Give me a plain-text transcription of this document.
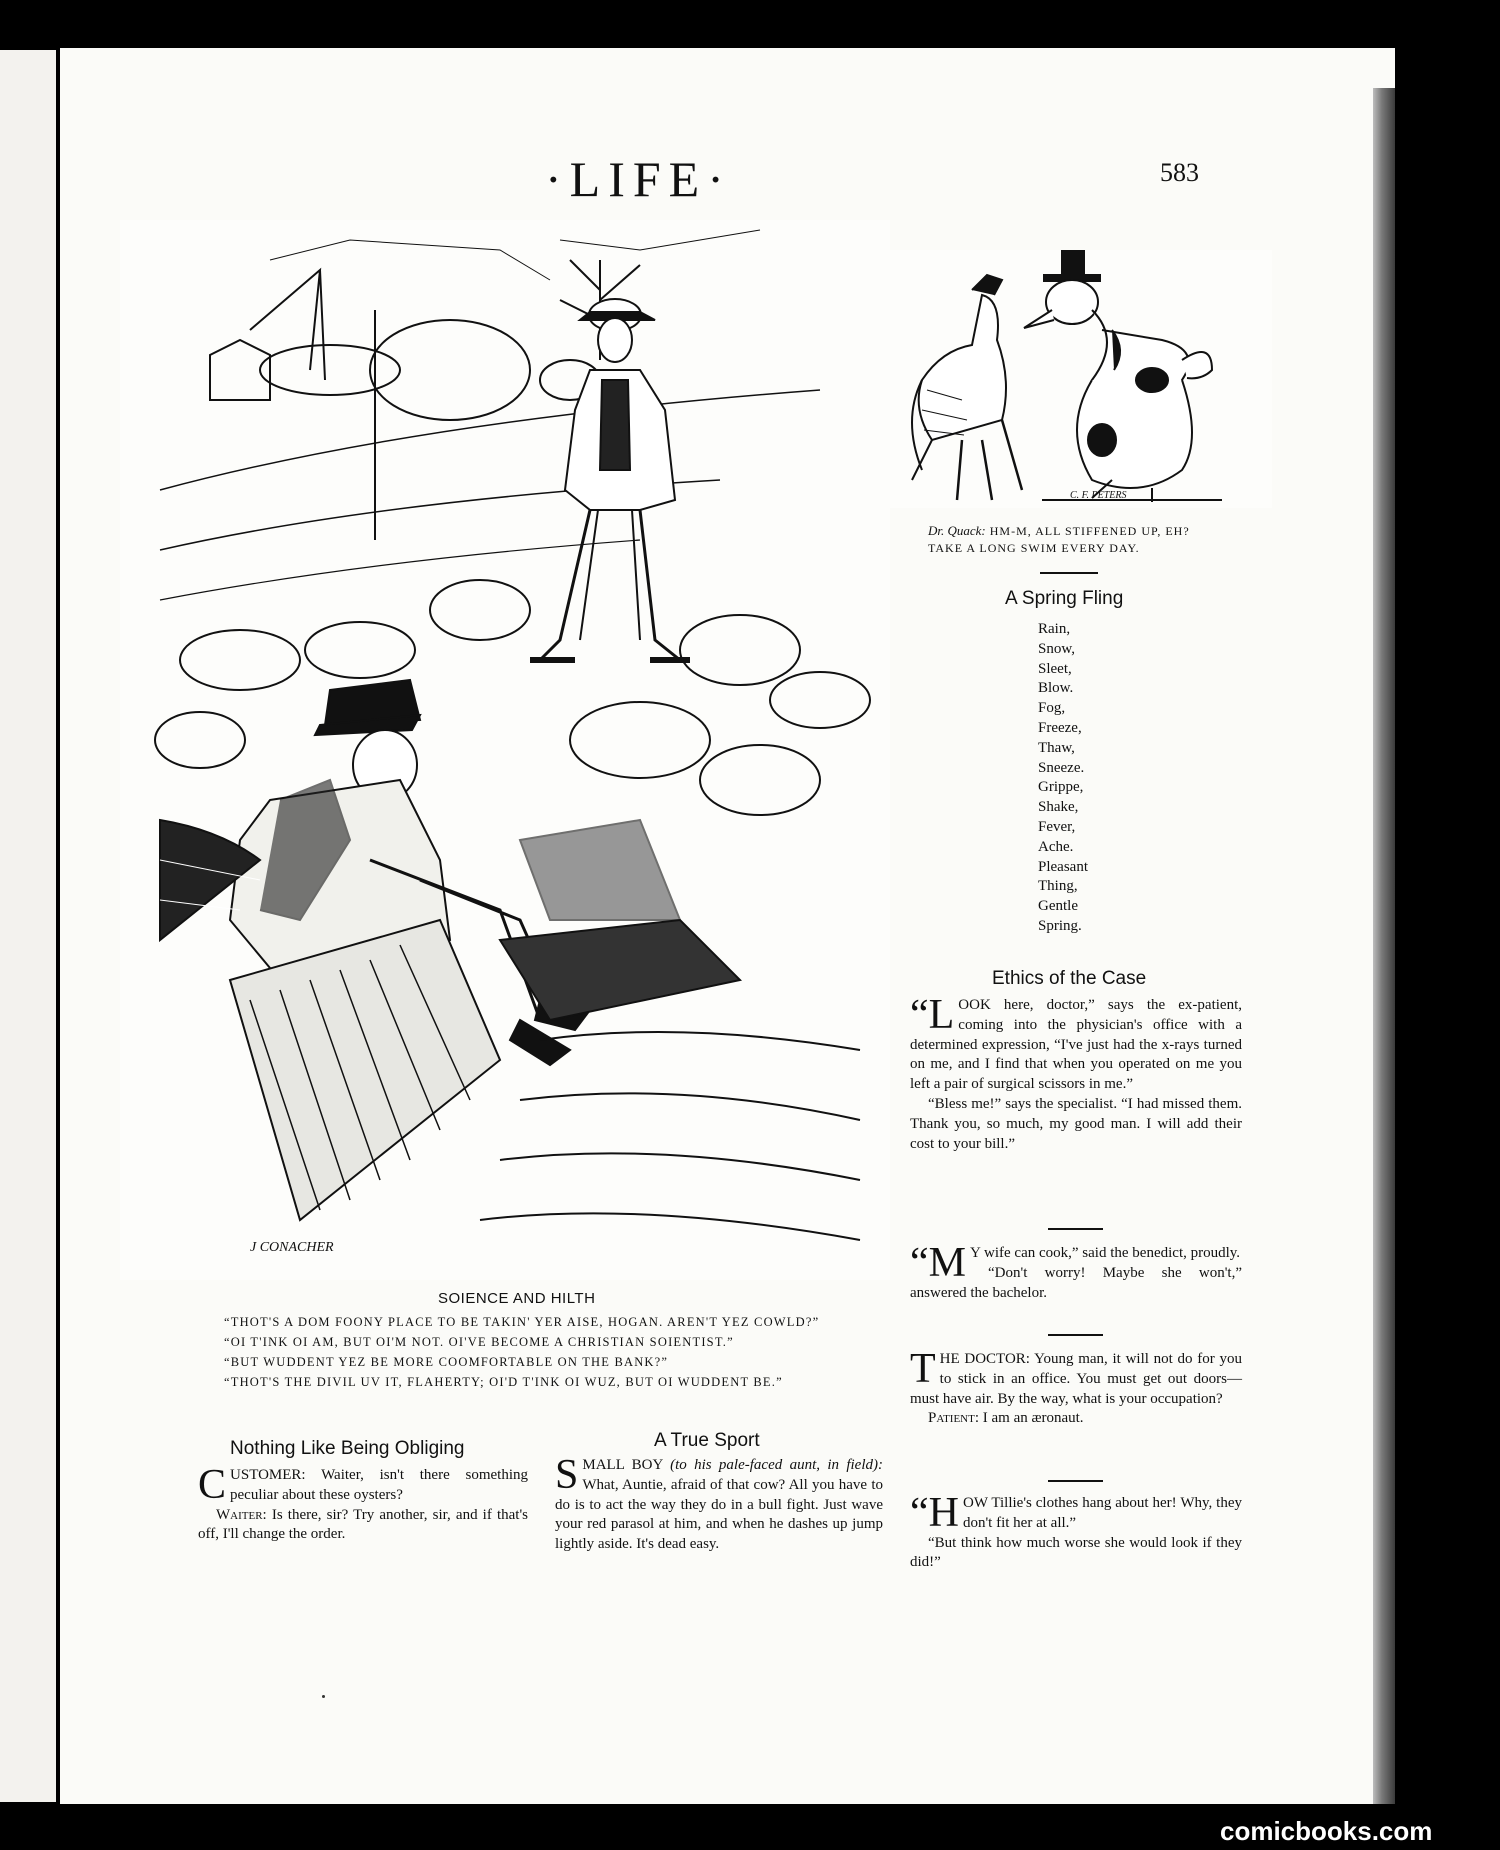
·LIFE·	583
J CONACHER
C. F. PETERS
Dr. Quack: HM-M, ALL STIFFENED UP, EH?
TAKE A LONG SWIM EVERY DAY.
A Spring Fling
Rain,
Snow,
Sleet,
Blow.
Fog,
Freeze,
Thaw,
Sneeze.
Grippe,
Shake,
Fever,
Ache.
Pleasant
Thing,
Gentle
Spring.
Ethics of the Case

“LOOK here, doctor,” says the ex-patient, coming into the physician's office with a determined expression, “I've just had the x-rays turned on me, and I find that when you operated on me you left a pair of surgical scissors in me.”

“Bless me!” says the specialist. “I had missed them. Thank you, so much, my good man. I will add their cost to your bill.”

“M Y wife can cook,” said the benedict, proudly.

“Don't worry! Maybe she won't,” answered the bachelor.

THE DOCTOR: Young man, it will not do for you to stick in an office. You must get out doors—must have air. By the way, what is your occupation?

Patient: I am an æronaut.

“HOW Tillie's clothes hang about her! Why, they don't fit her at all.”

“But think how much worse she would look if they did!”

SOIENCE AND HILTH

“THOT'S A DOM FOONY PLACE TO BE TAKIN' YER AISE, HOGAN. AREN'T YEZ COWLD?”

“OI T'INK OI AM, BUT OI'M NOT. OI'VE BECOME A CHRISTIAN SOIENTIST.”

“BUT WUDDENT YEZ BE MORE COOMFORTABLE ON THE BANK?”

“THOT'S THE DIVIL UV IT, FLAHERTY; OI'D T'INK OI WUZ, BUT OI WUDDENT BE.”

Nothing Like Being Obliging

CUSTOMER: Waiter, isn't there something peculiar about these oysters?

Waiter: Is there, sir? Try another, sir, and if that's off, I'll change the order.

A True Sport

SMALL BOY (to his pale-faced aunt, in field): What, Auntie, afraid of that cow? All you have to do is to act the way they do in a bull fight. Just wave your red parasol at him, and when he dashes up jump lightly aside. It's dead easy.

comicbooks.com
